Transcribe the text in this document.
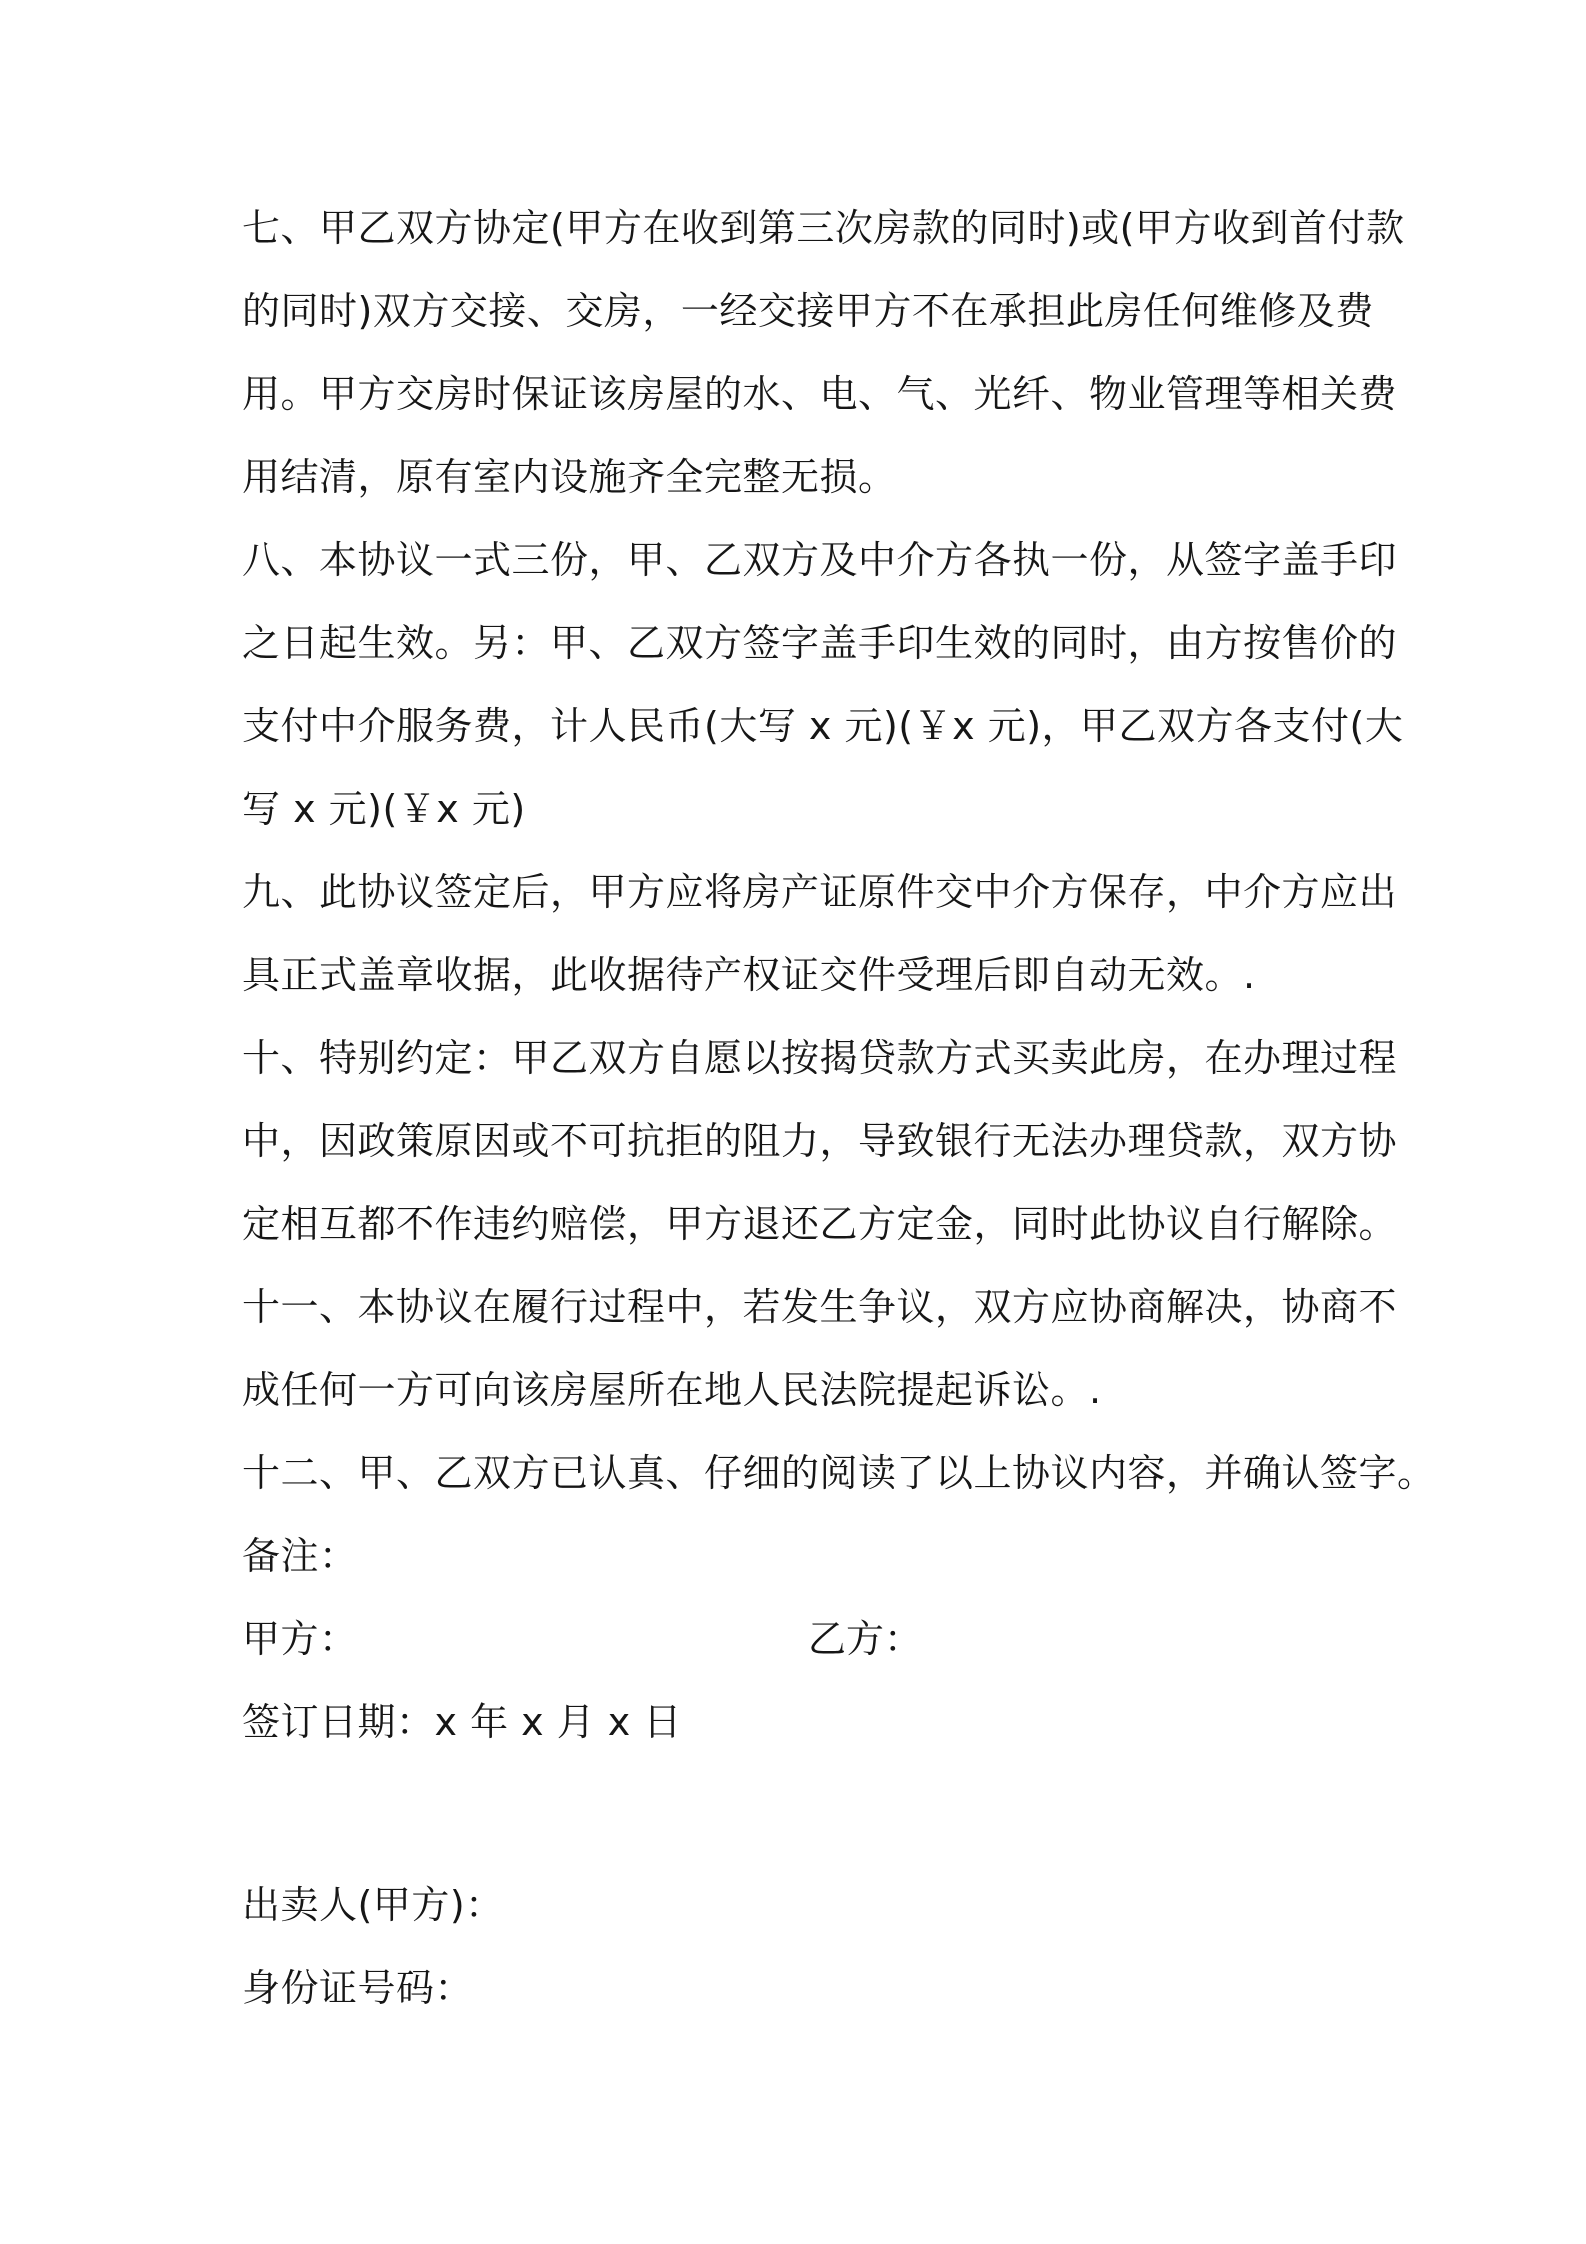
七、甲乙双方协定(甲方在收到第三次房款的同时)或(甲方收到首付款
的同时)双方交接、交房，一经交接甲方不在承担此房任何维修及费
用。甲方交房时保证该房屋的水、电、气、光纤、物业管理等相关费
用结清，原有室内设施齐全完整无损。
八、本协议一式三份，甲、乙双方及中介方各执一份，从签字盖手印
之日起生效。另：甲、乙双方签字盖手印生效的同时，由方按售价的
支付中介服务费，计人民币(大写 x 元)(￥x 元)，甲乙双方各支付(大
写 x 元)(￥x 元)
九、此协议签定后，甲方应将房产证原件交中介方保存，中介方应出
具正式盖章收据，此收据待产权证交件受理后即自动无效。.
十、特别约定：甲乙双方自愿以按揭贷款方式买卖此房，在办理过程
中，因政策原因或不可抗拒的阻力，导致银行无法办理贷款，双方协
定相互都不作违约赔偿，甲方退还乙方定金，同时此协议自行解除。
十一、本协议在履行过程中，若发生争议，双方应协商解决，协商不
成任何一方可向该房屋所在地人民法院提起诉讼。.
十二、甲、乙双方已认真、仔细的阅读了以上协议内容，并确认签字。
备注：
甲方：	乙方：
签订日期：x 年 x 月 x 日
出卖人(甲方)：
身份证号码：
